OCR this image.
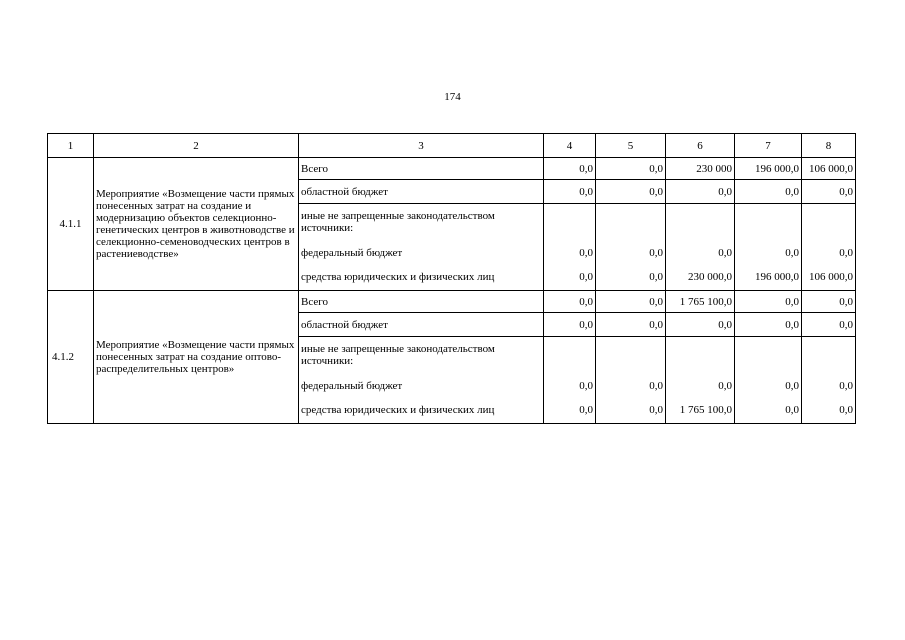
174
1	2	3	4	5	6	7	8
4.1.1	Мероприятие «Возмещение части прямых понесенных затрат на создание и модернизацию объектов селекционно-генетических центров в животноводстве и селекционно-семеноводческих центров в растениеводстве»	Всего	0,0	0,0	230 000	196 000,0	106 000,0
		областной бюджет	0,0	0,0	0,0	0,0	0,0
		иные не запрещенные законодательством источники:					
		федеральный бюджет	0,0	0,0	0,0	0,0	0,0
		средства юридических и физических лиц	0,0	0,0	230 000,0	196 000,0	106 000,0
4.1.2	Мероприятие «Возмещение части прямых понесенных затрат на создание оптово-распределительных центров»	Всего	0,0	0,0	1 765 100,0	0,0	0,0
		областной бюджет	0,0	0,0	0,0	0,0	0,0
		иные не запрещенные законодательством источники:					
		федеральный бюджет	0,0	0,0	0,0	0,0	0,0
		средства юридических и физических лиц	0,0	0,0	1 765 100,0	0,0	0,0
